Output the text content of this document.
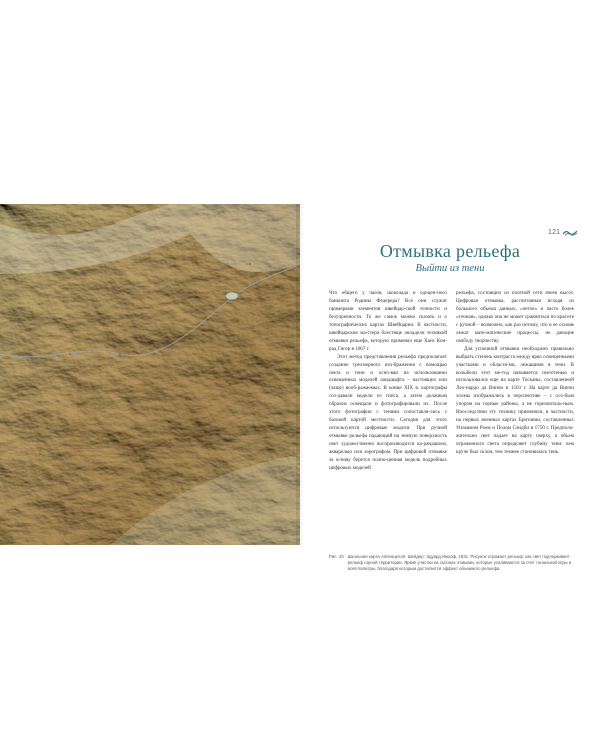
121
Отмывка рельефа
Выйти из тени

Что общего у часов, шоколада и одоцен-ного банкинга Родины Федерера? Все они служат примерами элементов швейцар-ской точности и безупречности. То же самое можно сказать и о топографических картах Швейцарии. В частности, швейцарские ма-стера блестяще овладели техникой отмывки рельефа, которую применял еще Ханс Кон-рад Гигер в 1667 г.

Этот метод представления рельефа предполагает создание трехмерного изо-бражения с помощью света и тени и осно-ван на использовании освещенных моделей ландшафта – настоящих или (чаще) вооб-ражаемых. В конце XIX в. картографы соз-давали модели из гипса, а затем должным образом освещали и фотографировали их. После этого фотографии с тенями сопоставля-лись с базовой картой местности. Сегодня для этого используются цифровые модели. При ручной отмывке рельефа падающий на земную поверхность свет художественно воспроизводится ка-рандашом, акварелью или аэрографом. При цифровой отмывке за основу берется полно-ценная модель подробных цифровых моделей

рельефа, состоящих из плотной сети ячеек высот. Цифровая отмывка, рассчитанная исходя из большого объема данных, «четче» и часто более «точная», однако она не может сравниться по красоте с ручной – возможно, как раз потому, что в ее основе лежат мате-матические процессы, не дающие свободу творчеству.

Для успешной отмывки необходимо правильно выбрать степень контраста между ярко освещенными участками и областя-ми, лежащими в тени. В колыбели этот ме-тод называется светотенью и использовался еще на карте Тосканы, составленной Лео-нардо да Винчи в 1503 г. На карте да Винчи холмы изображались в перспективе – с осо-бым упором на горные районы, а не горизонталь-ным. Впоследствии эту технику применяли, в частности, на первых военных картах Британии, составленных Уильямом Роем и Полом Сэндби в 1750 г. Предполо-жительно свет падает на карту сверху, а объем отраженного света определяет глубину тени: чем круче был склон, тем темнее становилась тень.

Рис. 43 Школьная карта Аппенцелля. Шейдер: Эдуард Имхоф, 1931. Рисунок отражает рельеф: как свет подчеркивает рельеф горной территории. Яркие участки на склонах отмывки, которые усиливаются за счет тональной игры и всей палитры, благодаря которым достигается эффект объемного рельефа.
